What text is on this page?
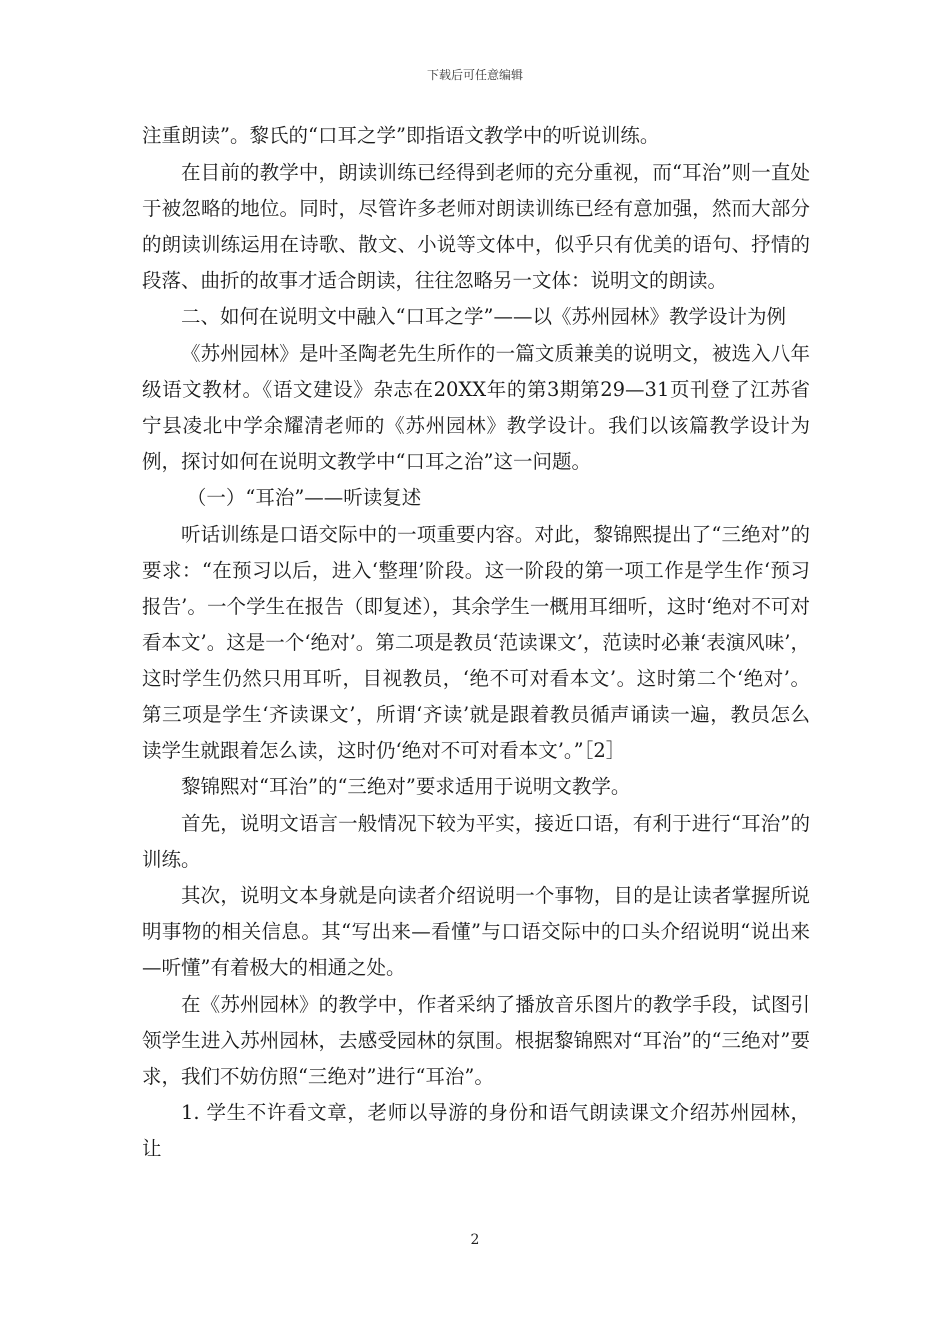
下载后可任意编辑

注重朗读”。黎氏的“口耳之学”即指语文教学中的听说训练。

在目前的教学中，朗读训练已经得到老师的充分重视，而“耳治”则一直处于被忽略的地位。同时，尽管许多老师对朗读训练已经有意加强，然而大部分的朗读训练运用在诗歌、散文、小说等文体中，似乎只有优美的语句、抒情的段落、曲折的故事才适合朗读，往往忽略另一文体：说明文的朗读。

二、如何在说明文中融入“口耳之学”——以《苏州园林》教学设计为例

《苏州园林》是叶圣陶老先生所作的一篇文质兼美的说明文，被选入八年级语文教材。《语文建设》杂志在20XX年的第3期第29—31页刊登了江苏省宁县凌北中学余耀清老师的《苏州园林》教学设计。我们以该篇教学设计为例，探讨如何在说明文教学中“口耳之治”这一问题。

（一）“耳治”——听读复述

听话训练是口语交际中的一项重要内容。对此，黎锦熙提出了“三绝对”的要求：“在预习以后，进入‘整理’阶段。这一阶段的第一项工作是学生作‘预习报告’。一个学生在报告（即复述），其余学生一概用耳细听，这时‘绝对不可对看本文’。这是一个‘绝对’。第二项是教员‘范读课文’，范读时必兼‘表演风味’，这时学生仍然只用耳听，目视教员，‘绝不可对看本文’。这时第二个‘绝对’。第三项是学生‘齐读课文’，所谓‘齐读’就是跟着教员循声诵读一遍，教员怎么读学生就跟着怎么读，这时仍‘绝对不可对看本文’。”［2］

黎锦熙对“耳治”的“三绝对”要求适用于说明文教学。

首先，说明文语言一般情况下较为平实，接近口语，有利于进行“耳治”的训练。

其次，说明文本身就是向读者介绍说明一个事物，目的是让读者掌握所说明事物的相关信息。其“写出来—看懂”与口语交际中的口头介绍说明“说出来—听懂”有着极大的相通之处。

在《苏州园林》的教学中，作者采纳了播放音乐图片的教学手段，试图引领学生进入苏州园林，去感受园林的氛围。根据黎锦熙对“耳治”的“三绝对”要求，我们不妨仿照“三绝对”进行“耳治”。

1. 学生不许看文章，老师以导游的身份和语气朗读课文介绍苏州园林，让

2
